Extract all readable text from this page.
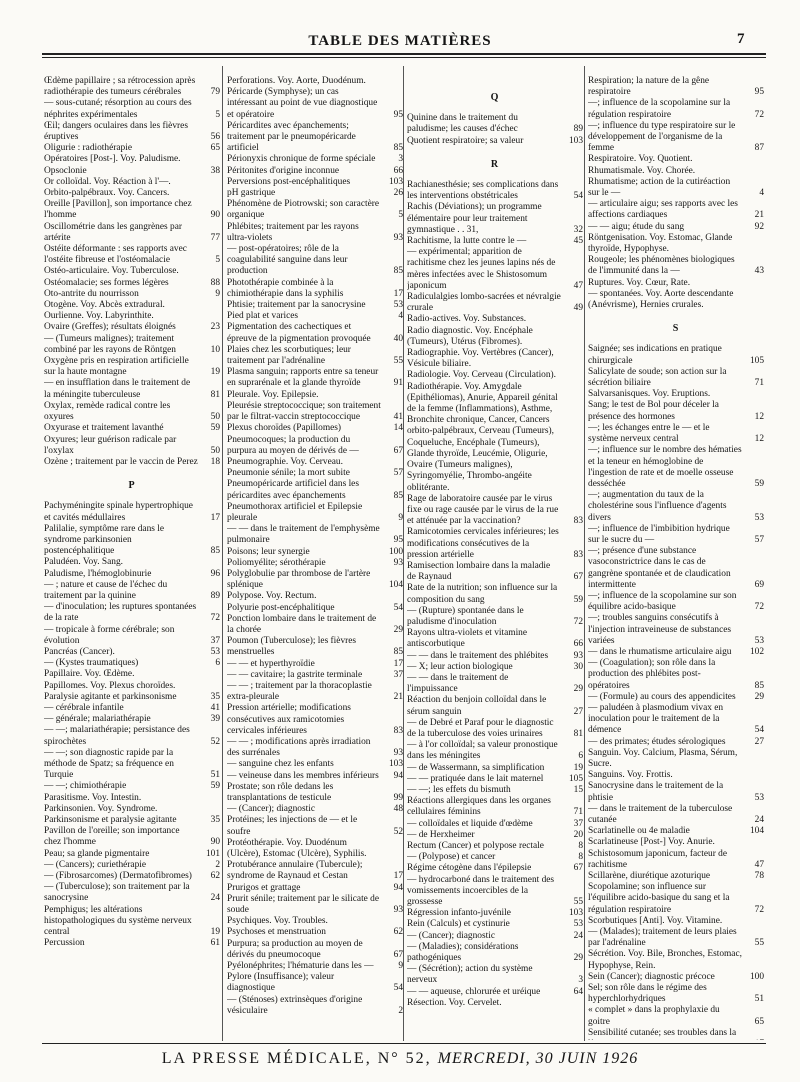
TABLE DES MATIÈRES	7
Œdème papillaire ; sa rétrocession après radiothérapie des tumeurs cérébrales	79
— sous-cutané; résorption au cours des néphrites expérimentales	5
Œil; dangers oculaires dans les fièvres éruptives	56
Oligurie : radiothérapie	65
Opératoires [Post-]. Voy. Paludisme.
Opsoclonie	38
Or colloïdal. Voy. Réaction à l'—.
Orbito-palpébraux. Voy. Cancers.
Oreille [Pavillon], son importance chez l'homme	90
Oscillométrie dans les gangrènes par artérite	77
Ostéite déformante : ses rapports avec l'ostéite fibreuse et l'ostéomalacie	5
Ostéo-articulaire. Voy. Tuberculose.
Ostéomalacie; ses formes légères	88
Oto-antrite du nourrisson	9
Otogène. Voy. Abcès extradural.
Ourlienne. Voy. Labyrinthite.
Ovaire (Greffes); résultats éloignés	23
— (Tumeurs malignes); traitement combiné par les rayons de Röntgen	10
Oxygène pris en respiration artificielle sur la haute montagne	19
— en insufflation dans le traitement de la méningite tuberculeuse	81
Oxylax, remède radical contre les oxyures	50
Oxyurase et traitement lavanthé	59
Oxyures; leur guérison radicale par l'oxylax	50
Ozène ; traitement par le vaccin de Perez	18
P
Pachyméningite spinale hypertrophique et cavités médullaires	17
Palilalie, symptôme rare dans le syndrome parkinsonien postencéphalitique	85
Paludéen. Voy. Sang.
Paludisme, l'hémoglobinurie	96
— ; nature et cause de l'échec du traitement par la quinine	89
— d'inoculation; les ruptures spontanées de la rate	72
— tropicale à forme cérébrale; son évolution	37
Pancréas (Cancer).	53
— (Kystes traumatiques)	6
Papillaire. Voy. Œdème.
Papillomes. Voy. Plexus choroïdes.
Paralysie agitante et parkinsonisme	35
— cérébrale infantile	41
— générale; malariathérapie	39
— —; malariathérapie; persistance des spirochètes	52
— —; son diagnostic rapide par la méthode de Spatz; sa fréquence en Turquie	51
— —; chimiothérapie	59
Parasitisme. Voy. Intestin.
Parkinsonien. Voy. Syndrome.
Parkinsonisme et paralysie agitante	35
Pavillon de l'oreille; son importance chez l'homme	90
Peau; sa glande pigmentaire	101
— (Cancers); curiethérapie	2
— (Fibrosarcomes) (Dermatofibromes)	62
— (Tuberculose); son traitement par la sanocrysine	24
Pemphigus; les altérations histopathologiques du système nerveux central	19
Percussion	61
Perforations. Voy. Aorte, Duodénum.
Péricarde (Symphyse); un cas intéressant au point de vue diagnostique et opératoire	95
Péricardites avec épanchements; traitement par le pneumopéricarde artificiel	85
Périonyxis chronique de forme spéciale	3
Péritonites d'origine inconnue	66
Perversions post-encéphalitiques	103
pH gastrique	26
Phénomène de Piotrowski; son caractère organique	5
Phlébites; traitement par les rayons ultra-violets	93
— post-opératoires; rôle de la coagulabilité sanguine dans leur production	85
Photothérapie combinée à la chimiothérapie dans la syphilis	17
Phtisie; traitement par la sanocrysine	53
Pied plat et varices	4
Pigmentation des cachectiques et épreuve de la pigmentation provoquée	40
Plaies chez les scorbutiques; leur traitement par l'adrénaline	55
Plasma sanguin; rapports entre sa teneur en suprarénale et la glande thyroïde	91
Pleurale. Voy. Epilepsie.
Pleurésie streptococcique; son traitement par le filtrat-vaccin streptococcique	41
Plexus choroïdes (Papillomes)	14
Pneumocoques; la production du purpura au moyen de dérivés de —	67
Pneumographie. Voy. Cerveau.
Pneumonie sénile; la mort subite	57
Pneumopéricarde artificiel dans les péricardites avec épanchements	85
Pneumothorax artificiel et Epilepsie pleurale	9
— — dans le traitement de l'emphysème pulmonaire	95
Poisons; leur synergie	100
Poliomyélite; sérothérapie	93
Polyglobulie par thrombose de l'artère splénique	104
Polypose. Voy. Rectum.
Polyurie post-encéphalitique	54
Ponction lombaire dans le traitement de la chorée	29
Poumon (Tuberculose); les fièvres menstruelles	85
— — et hyperthyroïdie	17
— — cavitaire; la gastrite terminale	37
— — ; traitement par la thoracoplastie extra-pleurale	21
Pression artérielle; modifications consécutives aux ramicotomies cervicales inférieures	83
— — ; modifications après irradiation des surrénales	93
— sanguine chez les enfants	103
— veineuse dans les membres inférieurs	94
Prostate; son rôle dedans les transplantations de testicule	99
— (Cancer); diagnostic	48
Protéines; les injections de — et le soufre	52
Protéothérapie. Voy. Duodénum (Ulcère), Estomac (Ulcère), Syphilis.
Protubérance annulaire (Tubercule); syndrome de Raynaud et Cestan	17
Prurigos et grattage	94
Prurit sénile; traitement par le silicate de soude	93
Psychiques. Voy. Troubles.
Psychoses et menstruation	62
Purpura; sa production au moyen de dérivés du pneumocoque	67
Pyélonéphrites; l'hématurie dans les —	9
Pylore (Insuffisance); valeur diagnostique	54
— (Sténoses) extrinsèques d'origine vésiculaire	2
Q
Quinine dans le traitement du paludisme; les causes d'échec	89
Quotient respiratoire; sa valeur	103
R
Rachianesthésie; ses complications dans les interventions obstétricales	54
Rachis (Déviations); un programme élémentaire pour leur traitement gymnastique . . 31,	32
Rachitisme, la lutte contre le —	45
— expérimental; apparition de rachitisme chez les jeunes lapins nés de mères infectées avec le Shistosomum japonicum	47
Radiculalgies lombo-sacrées et névralgie crurale	49
Radio-actives. Voy. Substances.
Radio diagnostic. Voy. Encéphale (Tumeurs), Utérus (Fibromes).
Radiographie. Voy. Vertèbres (Cancer), Vésicule biliaire.
Radiologie. Voy. Cerveau (Circulation).
Radiothérapie. Voy. Amygdale (Epithéliomas), Anurie, Appareil génital de la femme (Inflammations), Asthme, Bronchite chronique, Cancer, Cancers orbito-palpébraux, Cerveau (Tumeurs), Coqueluche, Encéphale (Tumeurs), Glande thyroïde, Leucémie, Oligurie, Ovaire (Tumeurs malignes), Syringomyélie, Thrombo-angéite oblitérante.
Rage de laboratoire causée par le virus fixe ou rage causée par le virus de la rue et atténuée par la vaccination?	83
Ramicotomies cervicales inférieures; les modifications consécutives de la pression artérielle	83
Ramisection lombaire dans la maladie de Raynaud	67
Rate de la nutrition; son influence sur la composition du sang	59
— (Rupture) spontanée dans le paludisme d'inoculation	72
Rayons ultra-violets et vitamine antiscorbutique	66
— — dans le traitement des phlébites	93
— X; leur action biologique	30
— — dans le traitement de l'impuissance	29
Réaction du benjoin colloïdal dans le sérum sanguin	27
— de Debré et Paraf pour le diagnostic de la tuberculose des voies urinaires	81
— à l'or colloïdal; sa valeur pronostique dans les méningites	6
— de Wassermann, sa simplification	19
— — pratiquée dans le lait maternel	105
— —; les effets du bismuth	15
Réactions allergiques dans les organes cellulaires féminins	71
— colloïdales et liquide d'œdème	37
— de Herxheimer	20
Rectum (Cancer) et polypose rectale	8
— (Polypose) et cancer	8
Régime cétogène dans l'épilepsie	67
— hydrocarboné dans le traitement des vomissements incoercibles de la grossesse	55
Régression infanto-juvénile	103
Rein (Calculs) et cystinurie	53
— (Cancer); diagnostic	24
— (Maladies); considérations pathogéniques	29
— (Sécrétion); action du système nerveux	3
— — aqueuse, chlorurée et uréique	64
Résection. Voy. Cervelet.
Respiration; la nature de la gêne respiratoire	95
—; influence de la scopolamine sur la régulation respiratoire	72
—; influence du type respiratoire sur le développement de l'organisme de la femme	87
Respiratoire. Voy. Quotient.
Rhumatismale. Voy. Chorée.
Rhumatisme; action de la cutiréaction sur le —	4
— articulaire aigu; ses rapports avec les affections cardiaques	21
— — aigu; étude du sang	92
Röntgenisation. Voy. Estomac, Glande thyroïde, Hypophyse.
Rougeole; les phénomènes biologiques de l'immunité dans la —	43
Ruptures. Voy. Cœur, Rate.
— spontanées. Voy. Aorte descendante (Anévrisme), Hernies crurales.
S
Saignée; ses indications en pratique chirurgicale	105
Salicylate de soude; son action sur la sécrétion biliaire	71
Salvarsanisques. Voy. Eruptions.
Sang; le test de Bol pour déceler la présence des hormones	12
—; les échanges entre le — et le système nerveux central	12
—; influence sur le nombre des hématies et la teneur en hémoglobine de l'ingestion de rate et de moelle osseuse desséchée	59
—; augmentation du taux de la cholestérine sous l'influence d'agents divers	53
—; influence de l'imbibition hydrique sur le sucre du —	57
—; présence d'une substance vasoconstrictrice dans le cas de gangrène spontanée et de claudication intermittente	69
—; influence de la scopolamine sur son équilibre acido-basique	72
—; troubles sanguins consécutifs à l'injection intraveineuse de substances variées	53
— dans le rhumatisme articulaire aigu	102
— (Coagulation); son rôle dans la production des phlébites post-opératoires	85
— (Formule) au cours des appendicites	29
— paludéen à plasmodium vivax en inoculation pour le traitement de la démence	54
— des primates; études sérologiques	27
Sanguin. Voy. Calcium, Plasma, Sérum, Sucre.
Sanguins. Voy. Frottis.
Sanocrysine dans le traitement de la phtisie	53
— dans le traitement de la tuberculose cutanée	24
Scarlatinelle ou 4e maladie	104
Scarlatineuse [Post-] Voy. Anurie.
Schistosomum japonicum, facteur de rachitisme	47
Scillarène, diurétique azoturique	78
Scopolamine; son influence sur l'équilibre acido-basique du sang et la régulation respiratoire	72
Scorbutiques [Anti]. Voy. Vitamine.
— (Malades); traitement de leurs plaies par l'adrénaline	55
Sécrétion. Voy. Bile, Bronches, Estomac, Hypophyse, Rein.
Sein (Cancer); diagnostic précoce	100
Sel; son rôle dans le régime des hyperchlorhydriques	51
« complet » dans la prophylaxie du goitre	65
Sensibilité cutanée; ses troubles dans la
LA PRESSE MÉDICALE, N° 52, MERCREDI, 30 JUIN 1926
